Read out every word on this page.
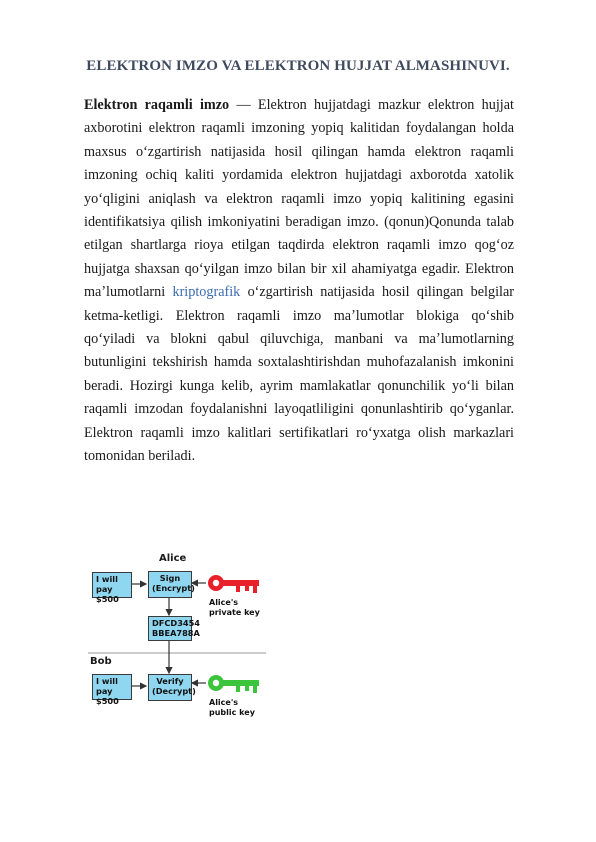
ELEKTRON IMZO VA ELEKTRON HUJJAT ALMASHINUVI.

Elektron raqamli imzo — Elektron hujjatdagi mazkur elektron hujjat axborotini elektron raqamli imzoning yopiq kalitidan foydalangan holda maxsus oʻzgartirish natijasida hosil qilingan hamda elektron raqamli imzoning ochiq kaliti yordamida elektron hujjatdagi axborotda xatolik yoʻqligini aniqlash va elektron raqamli imzo yopiq kalitining egasini identifikatsiya qilish imkoniyatini beradigan imzo. (qonun)Qonunda talab etilgan shartlarga rioya etilgan taqdirda elektron raqamli imzo qogʻoz hujjatga shaxsan qoʻyilgan imzo bilan bir xil ahamiyatga egadir. Elektron maʼlumotlarni kriptografik oʻzgartirish natijasida hosil qilingan belgilar ketma-ketligi. Elektron raqamli imzo maʼlumotlar blokiga qoʻshib qoʻyiladi va blokni qabul qiluvchiga, manbani va maʼlumotlarning butunligini tekshirish hamda soxtalashtirishdan muhofazalanish imkonini beradi. Hozirgi kunga kelib, ayrim mamlakatlar qonunchilik yoʻli bilan raqamli imzodan foydalanishni layoqatliligini qonunlashtirib qoʻyganlar. Elektron raqamli imzo kalitlari sertifikatlari roʻyxatga olish markazlari tomonidan beriladi.

Alice
I will
pay $500
Sign
(Encrypt)
Alice's
private key
DFCD3454
BBEA788A
Bob
I will
pay $500
Verify
(Decrypt)
Alice's
public key
